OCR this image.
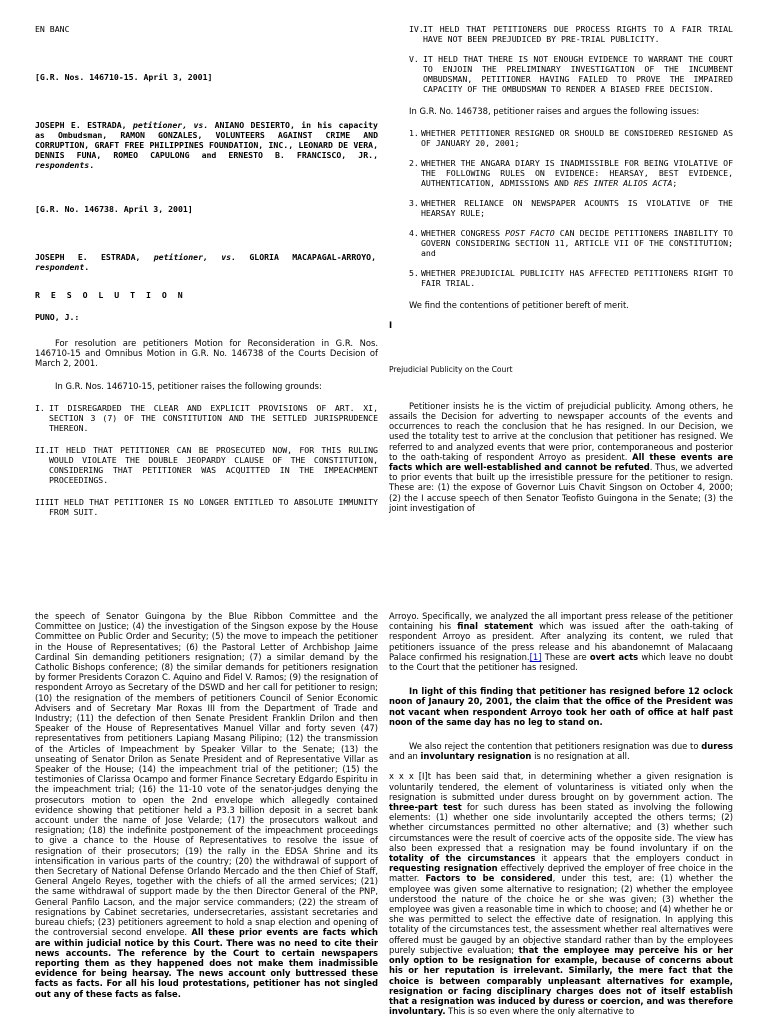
EN BANC

[G.R. Nos. 146710-15. April 3, 2001]

JOSEPH E. ESTRADA, petitioner, vs. ANIANO DESIERTO, in his capacity as Ombudsman, RAMON GONZALES, VOLUNTEERS AGAINST CRIME AND CORRUPTION, GRAFT FREE PHILIPPINES FOUNDATION, INC., LEONARD DE VERA, DENNIS FUNA, ROMEO CAPULONG and ERNESTO B. FRANCISCO, JR., respondents.

[G.R. No. 146738. April 3, 2001]

JOSEPH E. ESTRADA, petitioner, vs. GLORIA MACAPAGAL-ARROYO, respondent.

R E S O L U T I O N

PUNO, J.:

For resolution are petitioners Motion for Reconsideration in G.R. Nos. 146710-15 and Omnibus Motion in G.R. No. 146738 of the Courts Decision of March 2, 2001.

In G.R. Nos. 146710-15, petitioner raises the following grounds:

I. IT DISREGARDED THE CLEAR AND EXPLICIT PROVISIONS OF ART. XI, SECTION 3 (7) OF THE CONSTITUTION AND THE SETTLED JURISPRUDENCE THEREON.
II. IT HELD THAT PETITIONER CAN BE PROSECUTED NOW, FOR THIS RULING WOULD VIOLATE THE DOUBLE JEOPARDY CLAUSE OF THE CONSTITUTION, CONSIDERING THAT PETITIONER WAS ACQUITTED IN THE IMPEACHMENT PROCEEDINGS.
III.
IT HELD THAT PETITIONER IS NO LONGER ENTITLED TO ABSOLUTE IMMUNITY FROM SUIT.
IV. IT HELD THAT PETITIONERS DUE PROCESS RIGHTS TO A FAIR TRIAL HAVE NOT BEEN PREJUDICED BY PRE-TRIAL PUBLICITY.
V. IT HELD THAT THERE IS NOT ENOUGH EVIDENCE TO WARRANT THE COURT TO ENJOIN THE PRELIMINARY INVESTIGATION OF THE INCUMBENT OMBUDSMAN, PETITIONER HAVING FAILED TO PROVE THE IMPAIRED CAPACITY OF THE OMBUDSMAN TO RENDER A BIASED FREE DECISION.

In G.R. No. 146738, petitioner raises and argues the following issues:

1. WHETHER PETITIONER RESIGNED OR SHOULD BE CONSIDERED RESIGNED AS OF JANUARY 20, 2001;
2. WHETHER THE ANGARA DIARY IS INADMISSIBLE FOR BEING VIOLATIVE OF THE FOLLOWING RULES ON EVIDENCE: HEARSAY, BEST EVIDENCE, AUTHENTICATION, ADMISSIONS AND RES INTER ALIOS ACTA;
3. WHETHER RELIANCE ON NEWSPAPER ACOUNTS IS VIOLATIVE OF THE HEARSAY RULE;
4. WHETHER CONGRESS POST FACTO CAN DECIDE PETITIONERS INABILITY TO GOVERN CONSIDERING SECTION 11, ARTICLE VII OF THE CONSTITUTION; and
5. WHETHER PREJUDICIAL PUBLICITY HAS AFFECTED PETITIONERS RIGHT TO FAIR TRIAL.

We find the contentions of petitioner bereft of merit.

I

Prejudicial Publicity on the Court

Petitioner insists he is the victim of prejudicial publicity. Among others, he assails the Decision for adverting to newspaper accounts of the events and occurrences to reach the conclusion that he has resigned. In our Decision, we used the totality test to arrive at the conclusion that petitioner has resigned. We referred to and analyzed events that were prior, contemporaneous and posterior to the oath-taking of respondent Arroyo as president. All these events are facts which are well-established and cannot be refuted. Thus, we adverted to prior events that built up the irresistible pressure for the petitioner to resign. These are: (1) the expose of Governor Luis Chavit Singson on October 4, 2000; (2) the I accuse speech of then Senator Teofisto Guingona in the Senate; (3) the joint investigation of

the speech of Senator Guingona by the Blue Ribbon Committee and the Committee on Justice; (4) the investigation of the Singson expose by the House Committee on Public Order and Security; (5) the move to impeach the petitioner in the House of Representatives; (6) the Pastoral Letter of Archbishop Jaime Cardinal Sin demanding petitioners resignation; (7) a similar demand by the Catholic Bishops conference; (8) the similar demands for petitioners resignation by former Presidents Corazon C. Aquino and Fidel V. Ramos; (9) the resignation of respondent Arroyo as Secretary of the DSWD and her call for petitioner to resign; (10) the resignation of the members of petitioners Council of Senior Economic Advisers and of Secretary Mar Roxas III from the Department of Trade and Industry; (11) the defection of then Senate President Franklin Drilon and then Speaker of the House of Representatives Manuel Villar and forty seven (47) representatives from petitioners Lapiang Masang Pilipino; (12) the transmission of the Articles of Impeachment by Speaker Villar to the Senate; (13) the unseating of Senator Drilon as Senate President and of Representative Villar as Speaker of the House; (14) the impeachment trial of the petitioner; (15) the testimonies of Clarissa Ocampo and former Finance Secretary Edgardo Espiritu in the impeachment trial; (16) the 11-10 vote of the senator-judges denying the prosecutors motion to open the 2nd envelope which allegedly contained evidence showing that petitioner held a P3.3 billion deposit in a secret bank account under the name of Jose Velarde; (17) the prosecutors walkout and resignation; (18) the indefinite postponement of the impeachment proceedings to give a chance to the House of Representatives to resolve the issue of resignation of their prosecutors; (19) the rally in the EDSA Shrine and its intensification in various parts of the country; (20) the withdrawal of support of then Secretary of National Defense Orlando Mercado and the then Chief of Staff, General Angelo Reyes, together with the chiefs of all the armed services; (21) the same withdrawal of support made by the then Director General of the PNP, General Panfilo Lacson, and the major service commanders; (22) the stream of resignations by Cabinet secretaries, undersecretaries, assistant secretaries and bureau chiefs; (23) petitioners agreement to hold a snap election and opening of the controversial second envelope. All these prior events are facts which are within judicial notice by this Court. There was no need to cite their news accounts. The reference by the Court to certain newspapers reporting them as they happened does not make them inadmissible evidence for being hearsay. The news account only buttressed these facts as facts. For all his loud protestations, petitioner has not singled out any of these facts as false.

Arroyo. Specifically, we analyzed the all important press release of the petitioner containing his final statement which was issued after the oath-taking of respondent Arroyo as president. After analyzing its content, we ruled that petitioners issuance of the press release and his abandonemnt of Malacaang Palace confirmed his resignation.[1] These are overt acts which leave no doubt to the Court that the petitioner has resigned.

In light of this finding that petitioner has resigned before 12 oclock noon of Janaury 20, 2001, the claim that the office of the President was not vacant when respondent Arroyo took her oath of office at half past noon of the same day has no leg to stand on.

We also reject the contention that petitioners resignation was due to duress and an involuntary resignation is no resignation at all.

x x x [I]t has been said that, in determining whether a given resignation is voluntarily tendered, the element of voluntariness is vitiated only when the resignation is submitted under duress brought on by government action. The three-part test for such duress has been stated as involving the following elements: (1) whether one side involuntarily accepted the others terms; (2) whether circumstances permitted no other alternative; and (3) whether such circumstances were the result of coercive acts of the opposite side. The view has also been expressed that a resignation may be found involuntary if on the totality of the circumstances it appears that the employers conduct in requesting resignation effectively deprived the employer of free choice in the matter. Factors to be considered, under this test, are: (1) whether the employee was given some alternative to resignation; (2) whether the employee understood the nature of the choice he or she was given; (3) whether the employee was given a reasonable time in which to choose; and (4) whether he or she was permitted to select the effective date of resignation. In applying this totality of the circumstances test, the assessment whether real alternatives were offered must be gauged by an objective standard rather than by the employees purely subjective evaluation; that the employee may perceive his or her only option to be resignation for example, because of concerns about his or her reputation is irrelevant. Similarly, the mere fact that the choice is between comparably unpleasant alternatives for example, resignation or facing disciplinary charges does not of itself establish that a resignation was induced by duress or coercion, and was therefore involuntary. This is so even where the only alternative to
